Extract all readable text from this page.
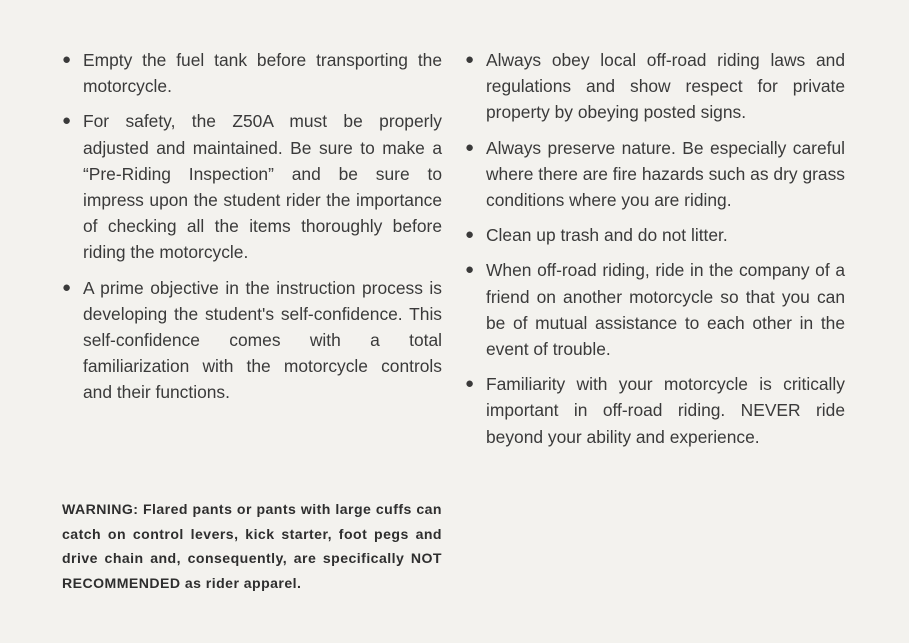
● Empty the fuel tank before transporting the motorcycle.
● For safety, the Z50A must be properly adjusted and maintained. Be sure to make a “Pre-Riding Inspection” and be sure to impress upon the student rider the importance of checking all the items thoroughly before riding the motorcycle.
● A prime objective in the instruction process is developing the student's self-confidence. This self-confidence comes with a total familiarization with the motorcycle controls and their functions.
WARNING: Flared pants or pants with large cuffs can catch on control levers, kick starter, foot pegs and drive chain and, consequently, are specifically NOT RECOMMENDED as rider apparel.
● Always obey local off-road riding laws and regulations and show respect for private property by obeying posted signs.
● Always preserve nature. Be especially careful where there are fire hazards such as dry grass conditions where you are riding.
● Clean up trash and do not litter.
● When off-road riding, ride in the company of a friend on another motorcycle so that you can be of mutual assistance to each other in the event of trouble.
● Familiarity with your motorcycle is critically important in off-road riding. NEVER ride beyond your ability and experience.
